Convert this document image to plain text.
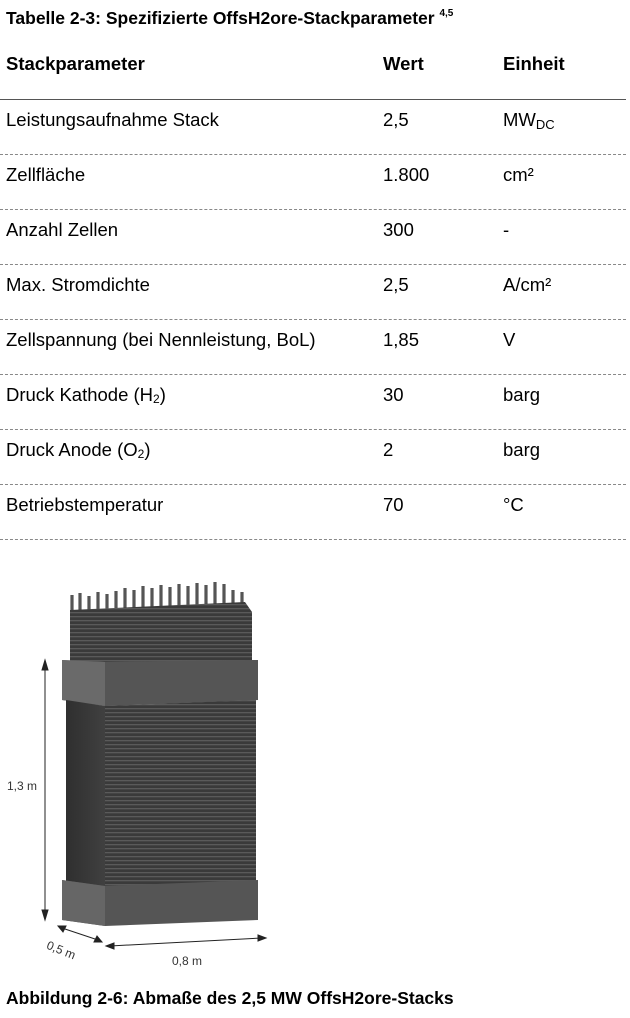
Tabelle 2-3: Spezifizierte OffsH2ore-Stackparameter $^{4,5}$
Stackparameter	Wert	Einheit
Leistungsaufnahme Stack	2,5	MWDC
Zellfläche	1.800	cm²
Anzahl Zellen	300	-
Max. Stromdichte	2,5	A/cm²
Zellspannung (bei Nennleistung, BoL)	1,85	V
Druck Kathode $(H_2)$	30	barg
Druck Anode $(O_2)$	2	barg
Betriebstemperatur	70	°C
1,3 m
0,5 m	0,8 m
Abbildung 2-6: Abmaße des 2,5 MW OffsH2ore-Stacks
